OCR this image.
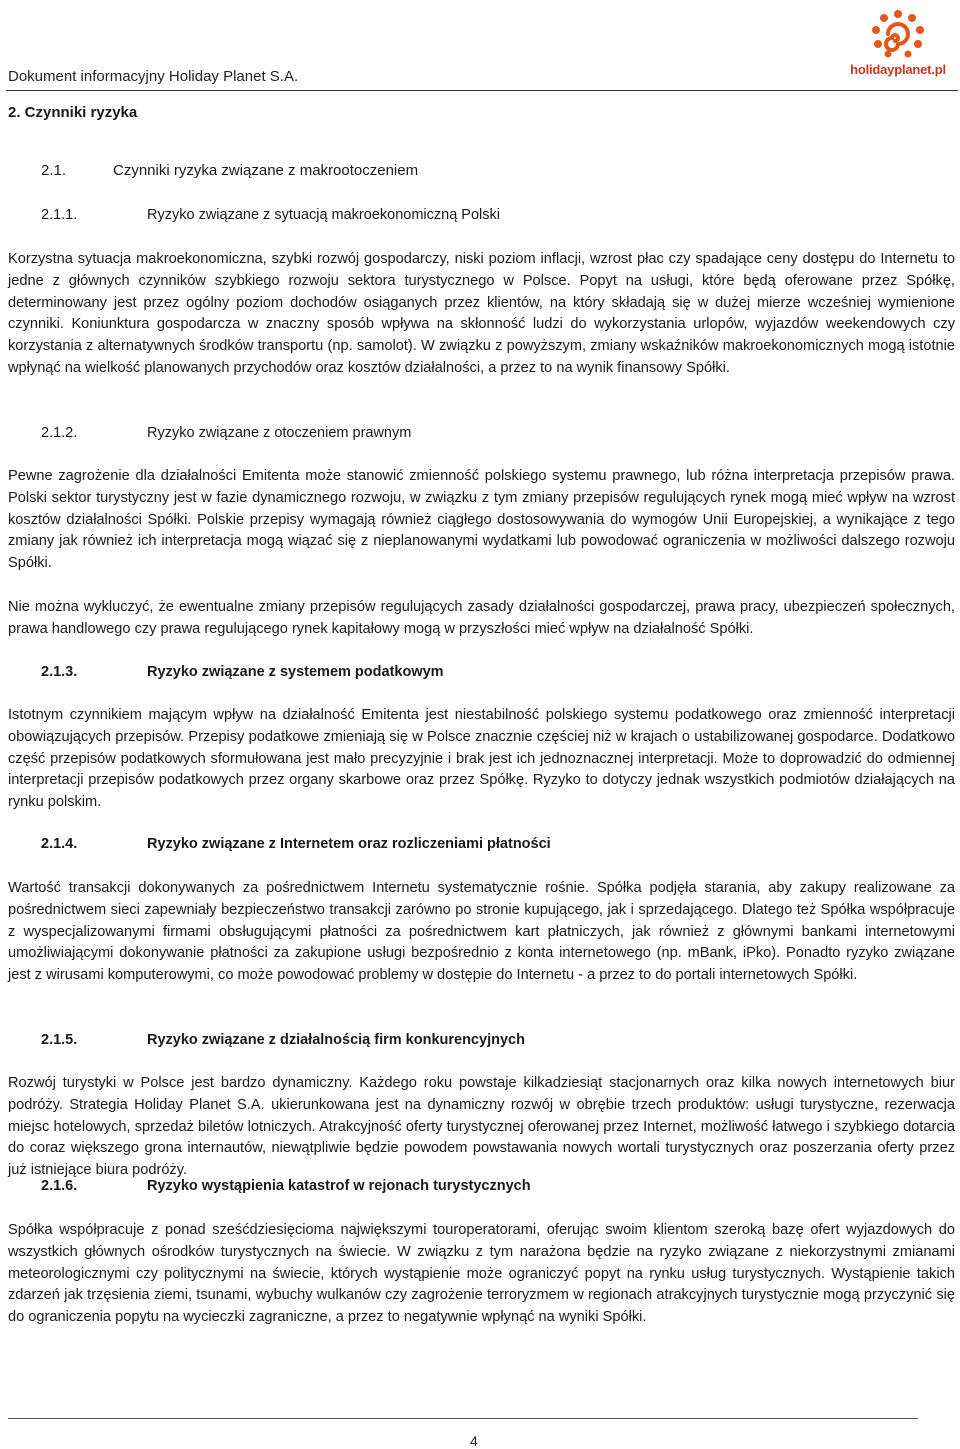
Dokument informacyjny Holiday Planet S.A.	holidayplanet.pl
2. Czynniki ryzyka
2.1.	Czynniki ryzyka związane z makrootoczeniem
2.1.1.	Ryzyko związane z sytuacją makroekonomiczną Polski

Korzystna sytuacja makroekonomiczna, szybki rozwój gospodarczy, niski poziom inflacji, wzrost płac czy spadające ceny dostępu do Internetu to jedne z głównych czynników szybkiego rozwoju sektora turystycznego w Polsce. Popyt na usługi, które będą oferowane przez Spółkę, determinowany jest przez ogólny poziom dochodów osiąganych przez klientów, na który składają się w dużej mierze wcześniej wymienione czynniki. Koniunktura gospodarcza w znaczny sposób wpływa na skłonność ludzi do wykorzystania urlopów, wyjazdów weekendowych czy korzystania z alternatywnych środków transportu (np. samolot). W związku z powyższym, zmiany wskaźników makroekonomicznych mogą istotnie wpłynąć na wielkość planowanych przychodów oraz kosztów działalności, a przez to na wynik finansowy Spółki.

2.1.2.	Ryzyko związane z otoczeniem prawnym

Pewne zagrożenie dla działalności Emitenta może stanowić zmienność polskiego systemu prawnego, lub różna interpretacja przepisów prawa. Polski sektor turystyczny jest w fazie dynamicznego rozwoju, w związku z tym zmiany przepisów regulujących rynek mogą mieć wpływ na wzrost kosztów działalności Spółki. Polskie przepisy wymagają również ciągłego dostosowywania do wymogów Unii Europejskiej, a wynikające z tego zmiany jak również ich interpretacja mogą wiązać się z nieplanowanymi wydatkami lub powodować ograniczenia w możliwości dalszego rozwoju Spółki.

Nie można wykluczyć, że ewentualne zmiany przepisów regulujących zasady działalności gospodarczej, prawa pracy, ubezpieczeń społecznych, prawa handlowego czy prawa regulującego rynek kapitałowy mogą w przyszłości mieć wpływ na działalność Spółki.

2.1.3.	Ryzyko związane z systemem podatkowym

Istotnym czynnikiem mającym wpływ na działalność Emitenta jest niestabilność polskiego systemu podatkowego oraz zmienność interpretacji obowiązujących przepisów. Przepisy podatkowe zmieniają się w Polsce znacznie częściej niż w krajach o ustabilizowanej gospodarce. Dodatkowo część przepisów podatkowych sformułowana jest mało precyzyjnie i brak jest ich jednoznacznej interpretacji. Może to doprowadzić do odmiennej interpretacji przepisów podatkowych przez organy skarbowe oraz przez Spółkę. Ryzyko to dotyczy jednak wszystkich podmiotów działających na rynku polskim.

2.1.4.	Ryzyko związane z Internetem oraz rozliczeniami płatności

Wartość transakcji dokonywanych za pośrednictwem Internetu systematycznie rośnie. Spółka podjęła starania, aby zakupy realizowane za pośrednictwem sieci zapewniały bezpieczeństwo transakcji zarówno po stronie kupującego, jak i sprzedającego. Dlatego też Spółka współpracuje z wyspecjalizowanymi firmami obsługującymi płatności za pośrednictwem kart płatniczych, jak również z głównymi bankami internetowymi umożliwiającymi dokonywanie płatności za zakupione usługi bezpośrednio z konta internetowego (np. mBank, iPko). Ponadto ryzyko związane jest z wirusami komputerowymi, co może powodować problemy w dostępie do Internetu - a przez to do portali internetowych Spółki.

2.1.5.	Ryzyko związane z działalnością firm konkurencyjnych

Rozwój turystyki w Polsce jest bardzo dynamiczny. Każdego roku powstaje kilkadziesiąt stacjonarnych oraz kilka nowych internetowych biur podróży. Strategia Holiday Planet S.A. ukierunkowana jest na dynamiczny rozwój w obrębie trzech produktów: usługi turystyczne, rezerwacja miejsc hotelowych, sprzedaż biletów lotniczych. Atrakcyjność oferty turystycznej oferowanej przez Internet, możliwość łatwego i szybkiego dotarcia do coraz większego grona internautów, niewątpliwie będzie powodem powstawania nowych wortali turystycznych oraz poszerzania oferty przez już istniejące biura podróży.

2.1.6.	Ryzyko wystąpienia katastrof w rejonach turystycznych

Spółka współpracuje z ponad sześćdziesięcioma największymi touroperatorami, oferując swoim klientom szeroką bazę ofert wyjazdowych do wszystkich głównych ośrodków turystycznych na świecie. W związku z tym narażona będzie na ryzyko związane z niekorzystnymi zmianami meteorologicznymi czy politycznymi na świecie, których wystąpienie może ograniczyć popyt na rynku usług turystycznych. Wystąpienie takich zdarzeń jak trzęsienia ziemi, tsunami, wybuchy wulkanów czy zagrożenie terroryzmem w regionach atrakcyjnych turystycznie mogą przyczynić się do ograniczenia popytu na wycieczki zagraniczne, a przez to negatywnie wpłynąć na wyniki Spółki.

4
